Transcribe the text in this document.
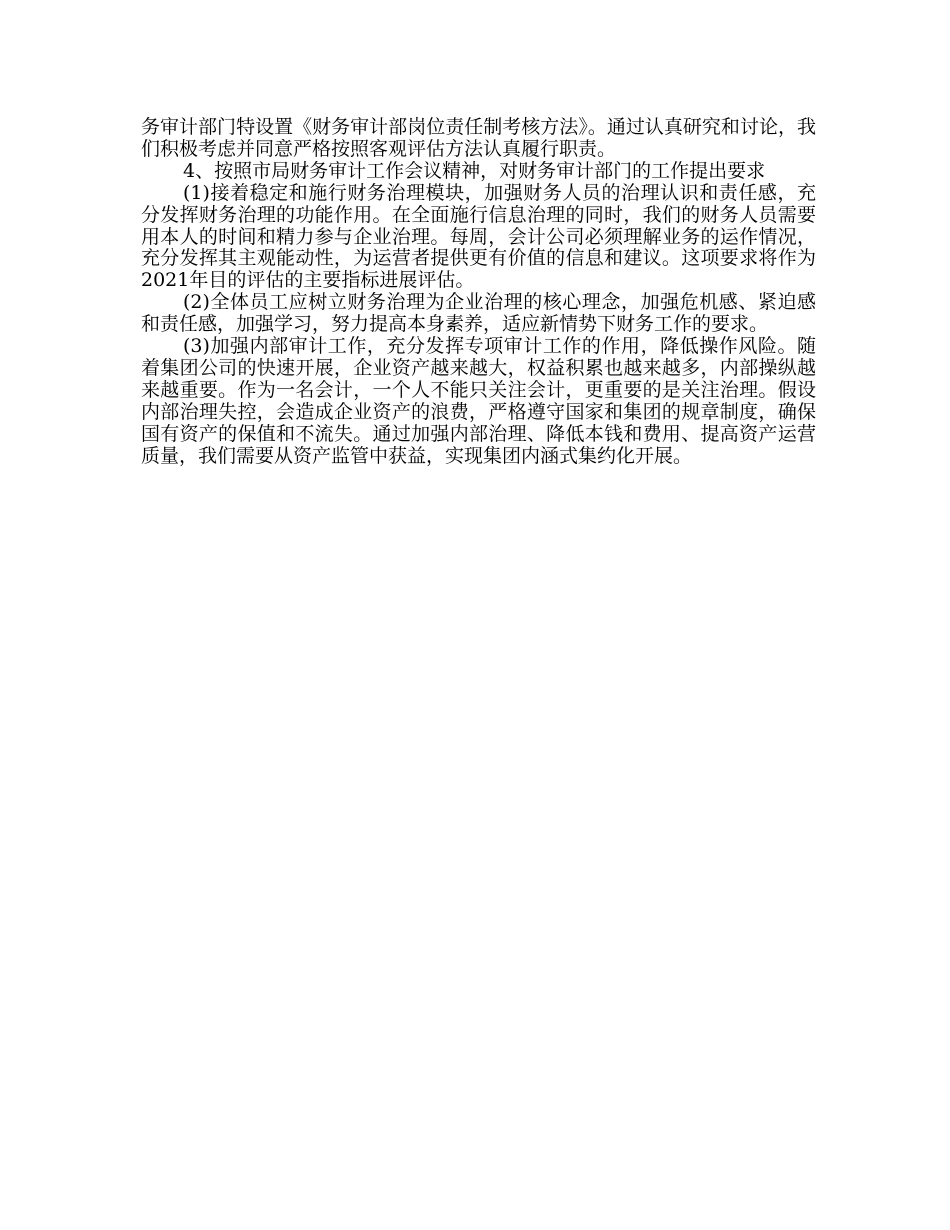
务审计部门特设置《财务审计部岗位责任制考核方法》。通过认真研究和讨论，我们积极考虑并同意严格按照客观评估方法认真履行职责。

4、按照市局财务审计工作会议精神，对财务审计部门的工作提出要求

(1)接着稳定和施行财务治理模块，加强财务人员的治理认识和责任感，充分发挥财务治理的功能作用。在全面施行信息治理的同时，我们的财务人员需要用本人的时间和精力参与企业治理。每周，会计公司必须理解业务的运作情况，充分发挥其主观能动性，为运营者提供更有价值的信息和建议。这项要求将作为2021年目的评估的主要指标进展评估。

(2)全体员工应树立财务治理为企业治理的核心理念，加强危机感、紧迫感和责任感，加强学习，努力提高本身素养，适应新情势下财务工作的要求。

(3)加强内部审计工作，充分发挥专项审计工作的作用，降低操作风险。随着集团公司的快速开展，企业资产越来越大，权益积累也越来越多，内部操纵越来越重要。作为一名会计，一个人不能只关注会计，更重要的是关注治理。假设内部治理失控，会造成企业资产的浪费，严格遵守国家和集团的规章制度，确保国有资产的保值和不流失。通过加强内部治理、降低本钱和费用、提高资产运营质量，我们需要从资产监管中获益，实现集团内涵式集约化开展。
